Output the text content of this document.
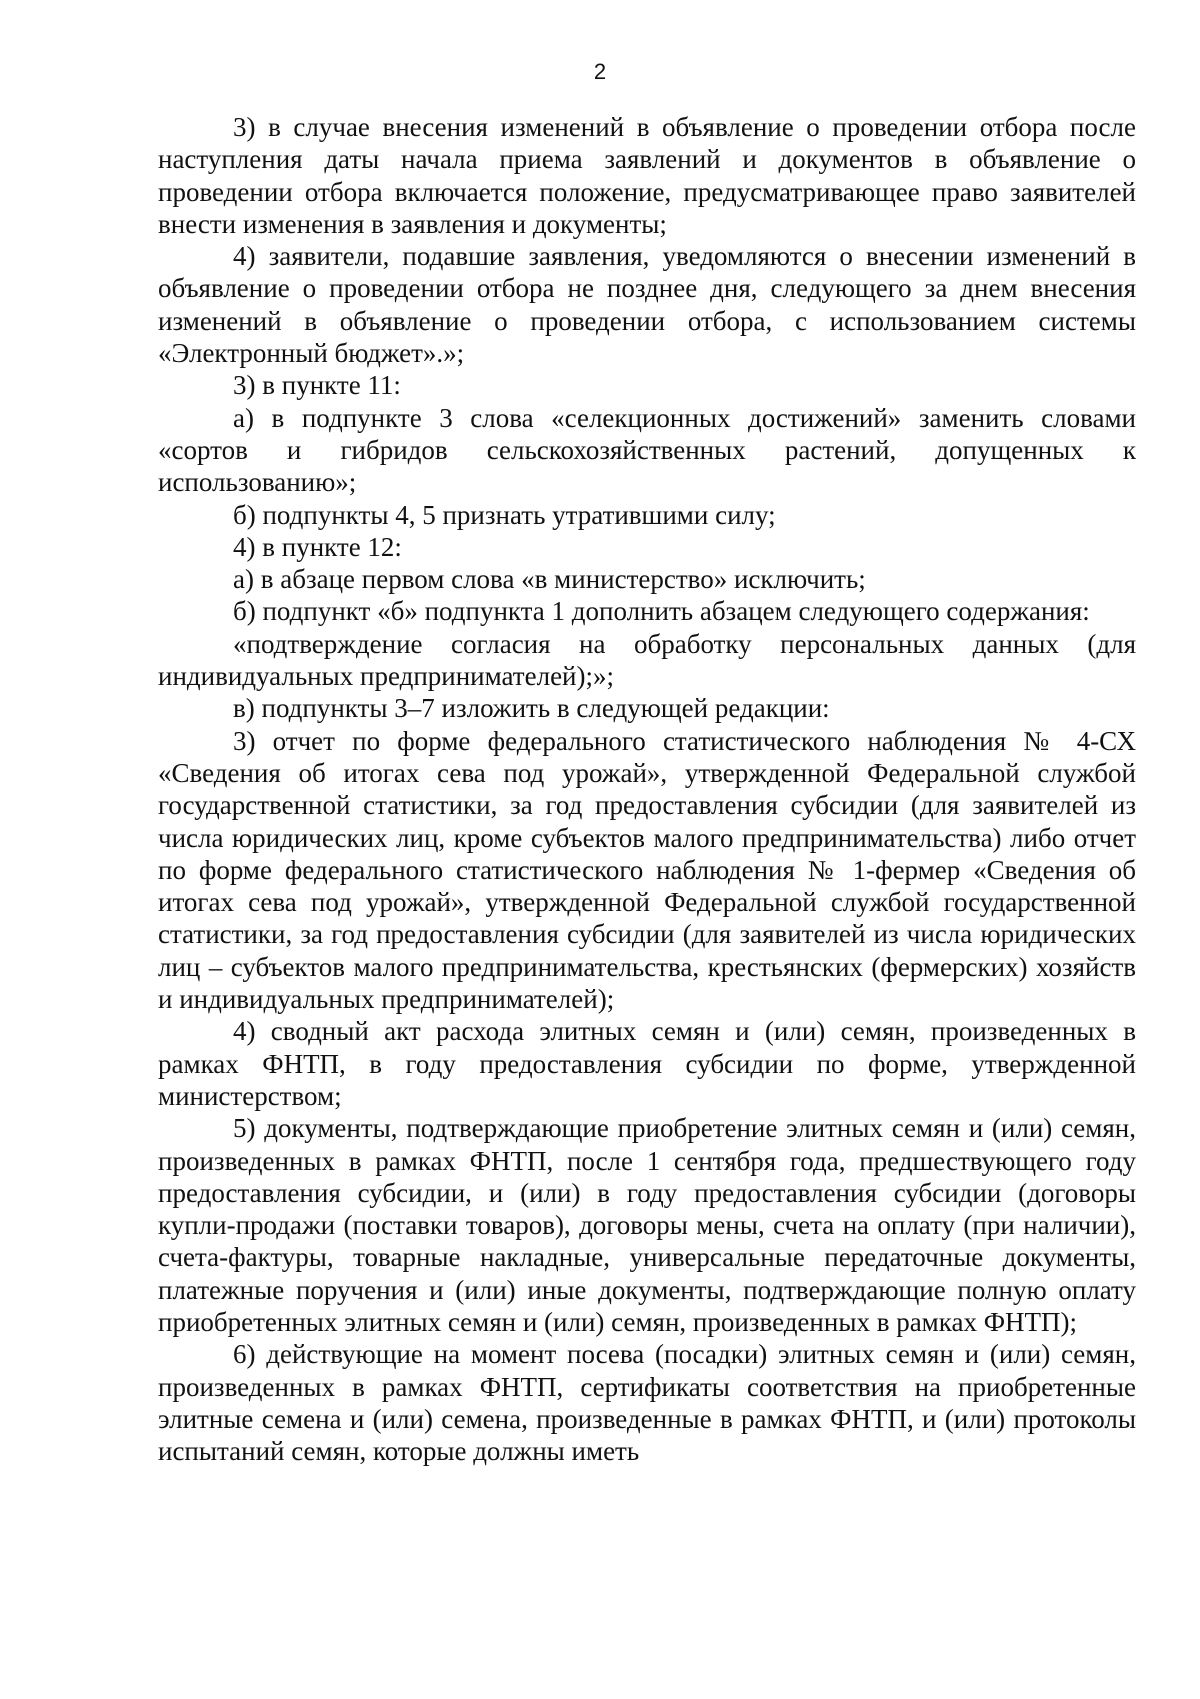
2

3) в случае внесения изменений в объявление о проведении отбора после наступления даты начала приема заявлений и документов в объявление о проведении отбора включается положение, предусматривающее право заявителей внести изменения в заявления и документы;

4) заявители, подавшие заявления, уведомляются о внесении изменений в объявление о проведении отбора не позднее дня, следующего за днем внесения изменений в объявление о проведении отбора, с использованием системы «Электронный бюджет».»;

3) в пункте 11:

а) в подпункте 3 слова «селекционных достижений» заменить словами «сортов и гибридов сельскохозяйственных растений, допущенных к использованию»;

б) подпункты 4, 5 признать утратившими силу;

4) в пункте 12:

а) в абзаце первом слова «в министерство» исключить;

б) подпункт «б» подпункта 1 дополнить абзацем следующего содержания:

«подтверждение согласия на обработку персональных данных (для индивидуальных предпринимателей);»;

в) подпункты 3–7 изложить в следующей редакции:

3) отчет по форме федерального статистического наблюдения № 4-СХ «Сведения об итогах сева под урожай», утвержденной Федеральной службой государственной статистики, за год предоставления субсидии (для заявителей из числа юридических лиц, кроме субъектов малого предпринимательства) либо отчет по форме федерального статистического наблюдения № 1-фермер «Сведения об итогах сева под урожай», утвержденной Федеральной службой государственной статистики, за год предоставления субсидии (для заявителей из числа юридических лиц – субъектов малого предпринимательства, крестьянских (фермерских) хозяйств и индивидуальных предпринимателей);

4) сводный акт расхода элитных семян и (или) семян, произведенных в рамках ФНТП, в году предоставления субсидии по форме, утвержденной министерством;

5) документы, подтверждающие приобретение элитных семян и (или) семян, произведенных в рамках ФНТП, после 1 сентября года, предшествующего году предоставления субсидии, и (или) в году предоставления субсидии (договоры купли-продажи (поставки товаров), договоры мены, счета на оплату (при наличии), счета-фактуры, товарные накладные, универсальные передаточные документы, платежные поручения и (или) иные документы, подтверждающие полную оплату приобретенных элитных семян и (или) семян, произведенных в рамках ФНТП);

6) действующие на момент посева (посадки) элитных семян и (или) семян, произведенных в рамках ФНТП, сертификаты соответствия на приобретенные элитные семена и (или) семена, произведенные в рамках ФНТП, и (или) протоколы испытаний семян, которые должны иметь
